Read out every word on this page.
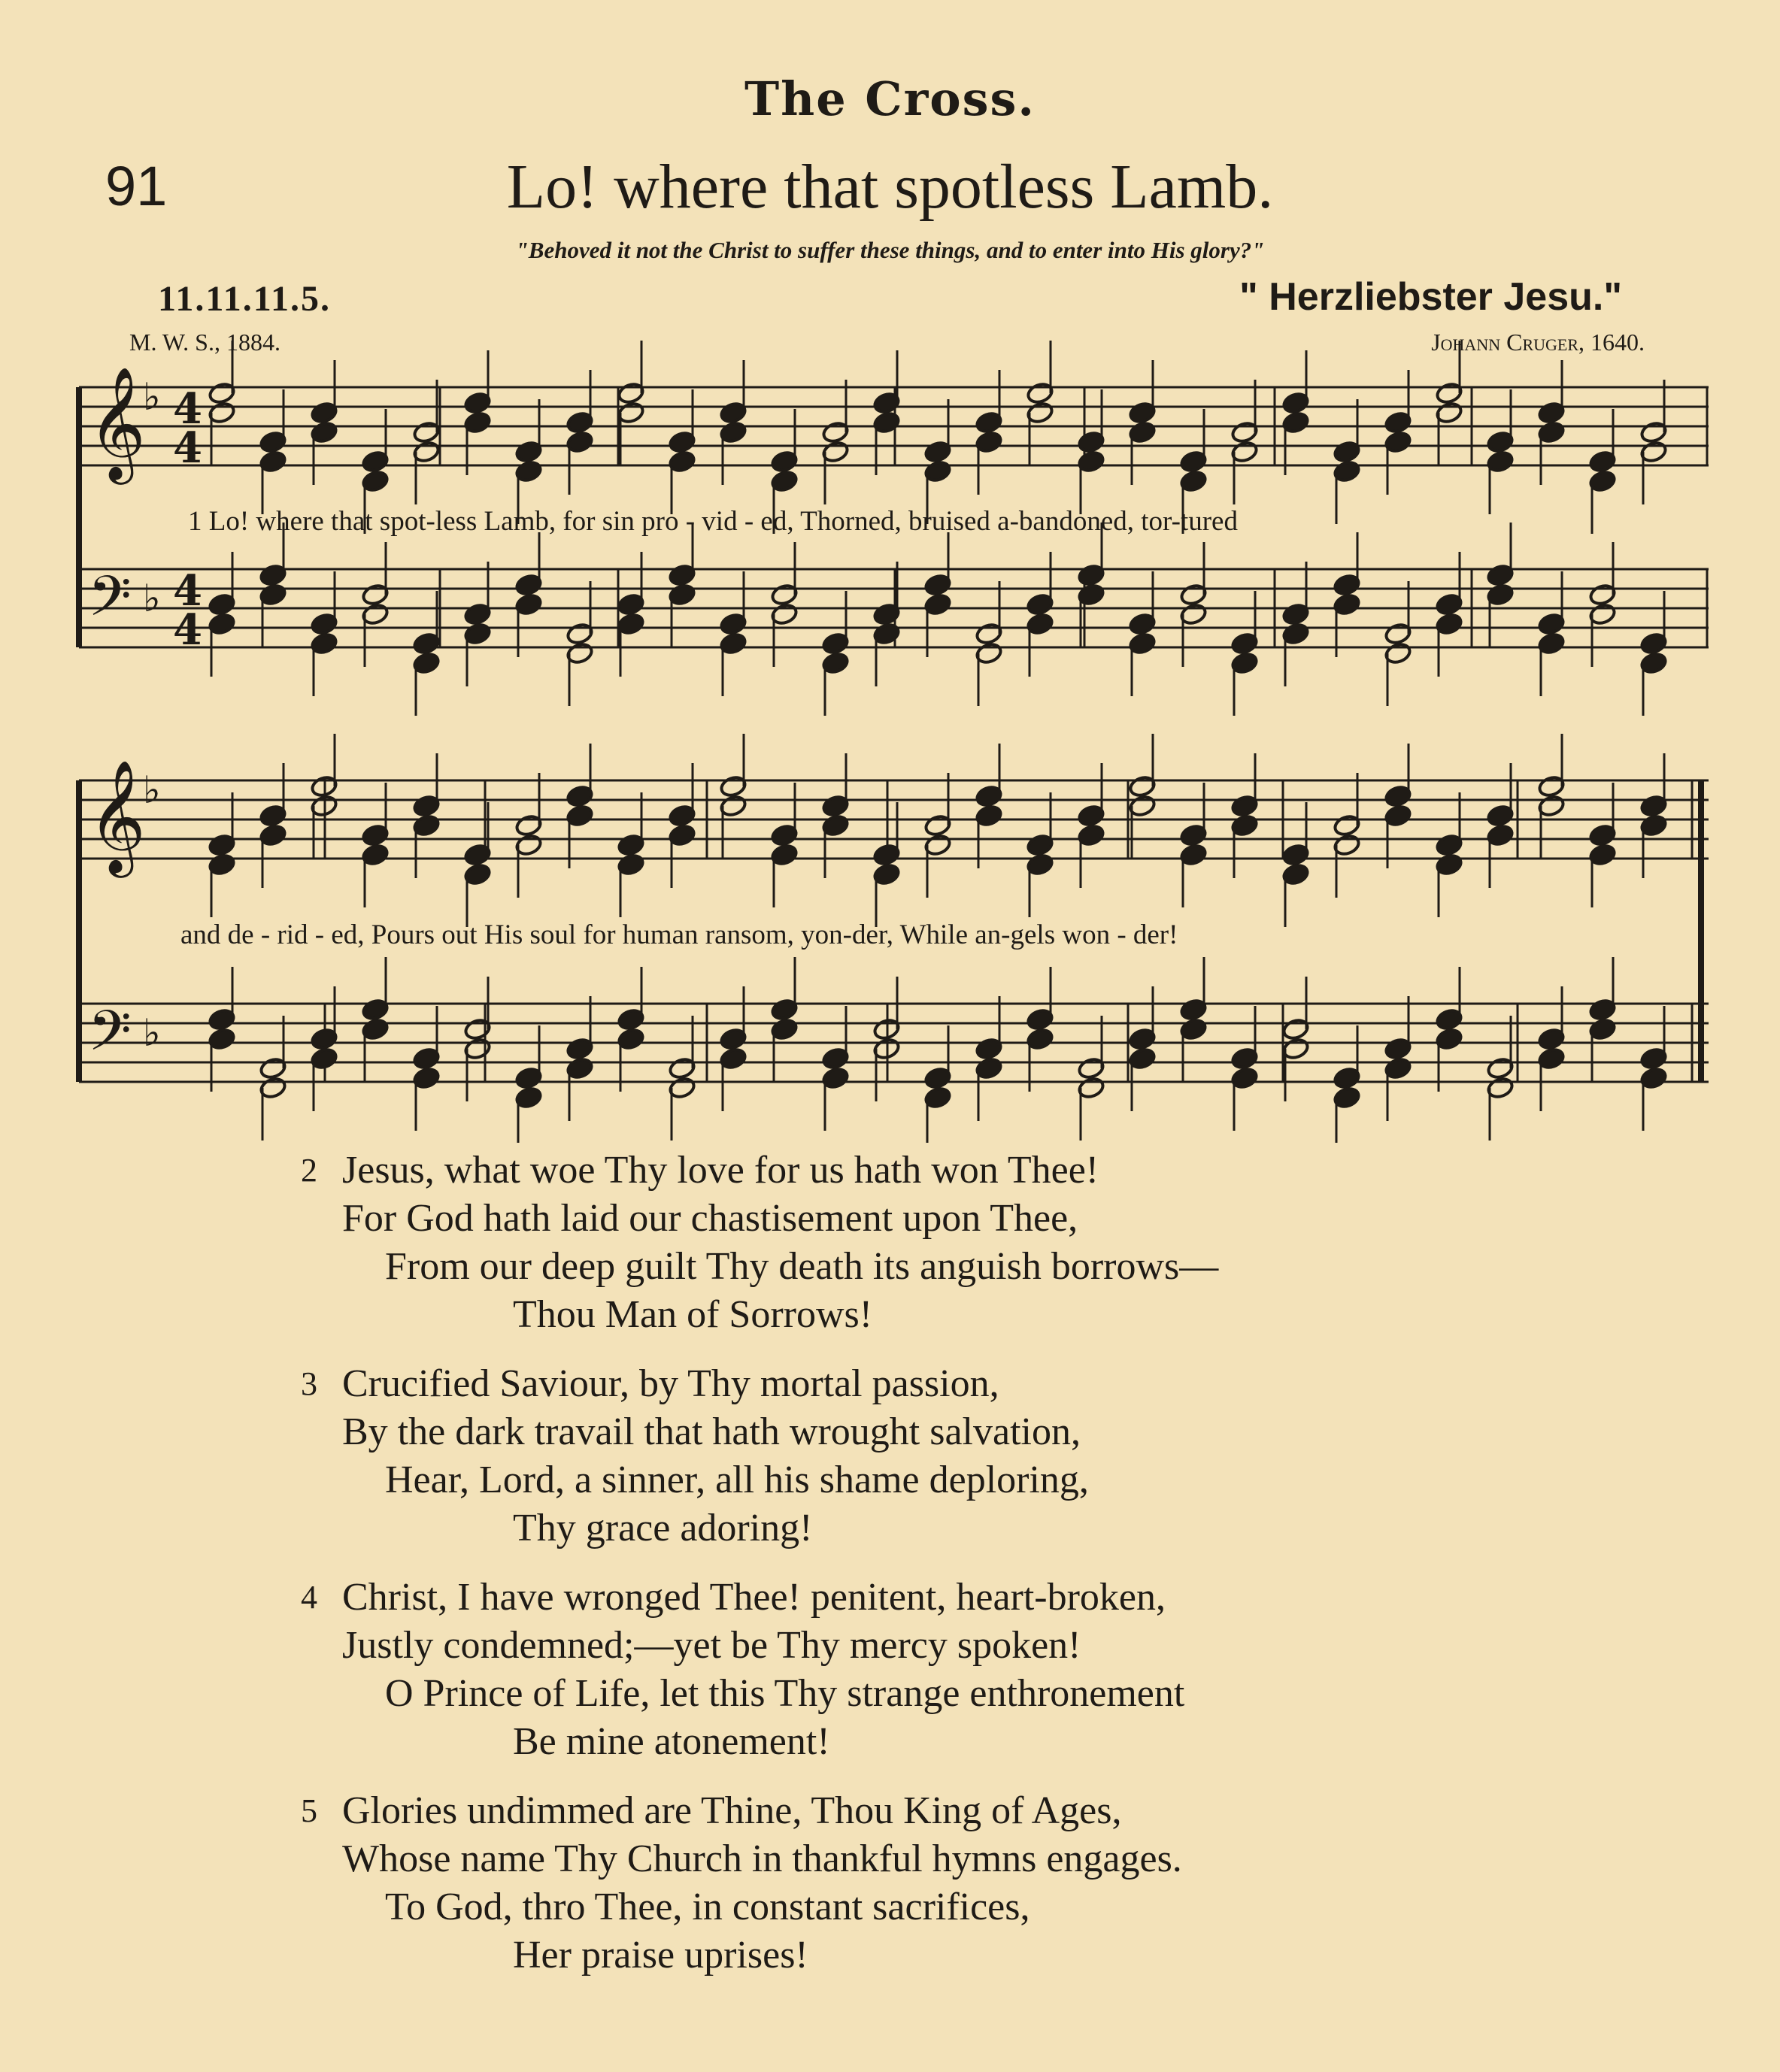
The Cross.
91	Lo! where that spotless Lamb.
"Behoved it not the Christ to suffer these things, and to enter into His glory?"
11.11.11.5.	" Herzliebster Jesu."
M. W. S., 1884.	Johann Cruger, 1640.
𝄞
♭
𝄢 ♭
𝄞
♭
𝄢 ♭
4
4
4
4
1 Lo! where that spot-less Lamb, for sin pro - vid - ed, Thorned, bruised a-bandoned, tor-tured
and de - rid - ed, Pours out His soul for human ransom, yon-der, While an-gels won - der!
2 Jesus, what woe Thy love for us hath won Thee!
For God hath laid our chastisement upon Thee,
From our deep guilt Thy death its anguish borrows—
Thou Man of Sorrows!
3 Crucified Saviour, by Thy mortal passion,
By the dark travail that hath wrought salvation,
Hear, Lord, a sinner, all his shame deploring,
Thy grace adoring!
4 Christ, I have wronged Thee! penitent, heart-broken,
Justly condemned;—yet be Thy mercy spoken!
O Prince of Life, let this Thy strange enthronement
Be mine atonement!
5 Glories undimmed are Thine, Thou King of Ages,
Whose name Thy Church in thankful hymns engages.
To God, thro Thee, in constant sacrifices,
Her praise uprises!
